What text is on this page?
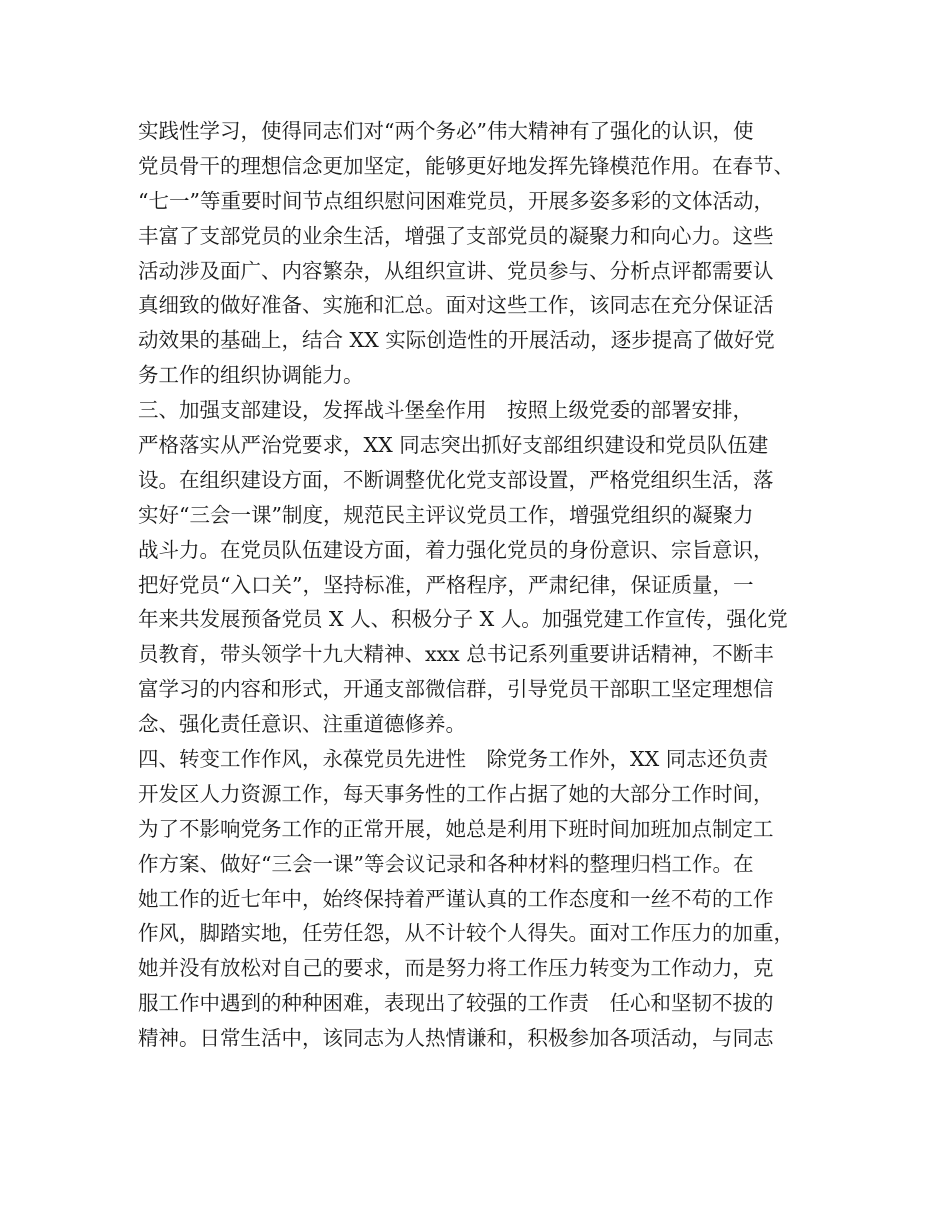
实践性学习，使得同志们对“两个务必”伟大精神有了强化的认识，使
党员骨干的理想信念更加坚定，能够更好地发挥先锋模范作用。在春节、
“七一”等重要时间节点组织慰问困难党员，开展多姿多彩的文体活动，
丰富了支部党员的业余生活，增强了支部党员的凝聚力和向心力。这些
活动涉及面广、内容繁杂，从组织宣讲、党员参与、分析点评都需要认
真细致的做好准备、实施和汇总。面对这些工作，该同志在充分保证活
动效果的基础上，结合 XX 实际创造性的开展活动，逐步提高了做好党
务工作的组织协调能力。
三、加强支部建设，发挥战斗堡垒作用　按照上级党委的部署安排，
严格落实从严治党要求，XX 同志突出抓好支部组织建设和党员队伍建
设。在组织建设方面，不断调整优化党支部设置，严格党组织生活，落
实好“三会一课”制度，规范民主评议党员工作，增强党组织的凝聚力
战斗力。在党员队伍建设方面，着力强化党员的身份意识、宗旨意识，
把好党员“入口关”，坚持标准，严格程序，严肃纪律，保证质量，一
年来共发展预备党员 X 人、积极分子 X 人。加强党建工作宣传，强化党
员教育，带头领学十九大精神、xxx 总书记系列重要讲话精神，不断丰
富学习的内容和形式，开通支部微信群，引导党员干部职工坚定理想信
念、强化责任意识、注重道德修养。
四、转变工作作风，永葆党员先进性　除党务工作外，XX 同志还负责
开发区人力资源工作，每天事务性的工作占据了她的大部分工作时间，
为了不影响党务工作的正常开展，她总是利用下班时间加班加点制定工
作方案、做好“三会一课”等会议记录和各种材料的整理归档工作。在
她工作的近七年中，始终保持着严谨认真的工作态度和一丝不苟的工作
作风，脚踏实地，任劳任怨，从不计较个人得失。面对工作压力的加重，
她并没有放松对自己的要求，而是努力将工作压力转变为工作动力，克
服工作中遇到的种种困难，表现出了较强的工作责　任心和坚韧不拔的
精神。日常生活中，该同志为人热情谦和，积极参加各项活动，与同志
